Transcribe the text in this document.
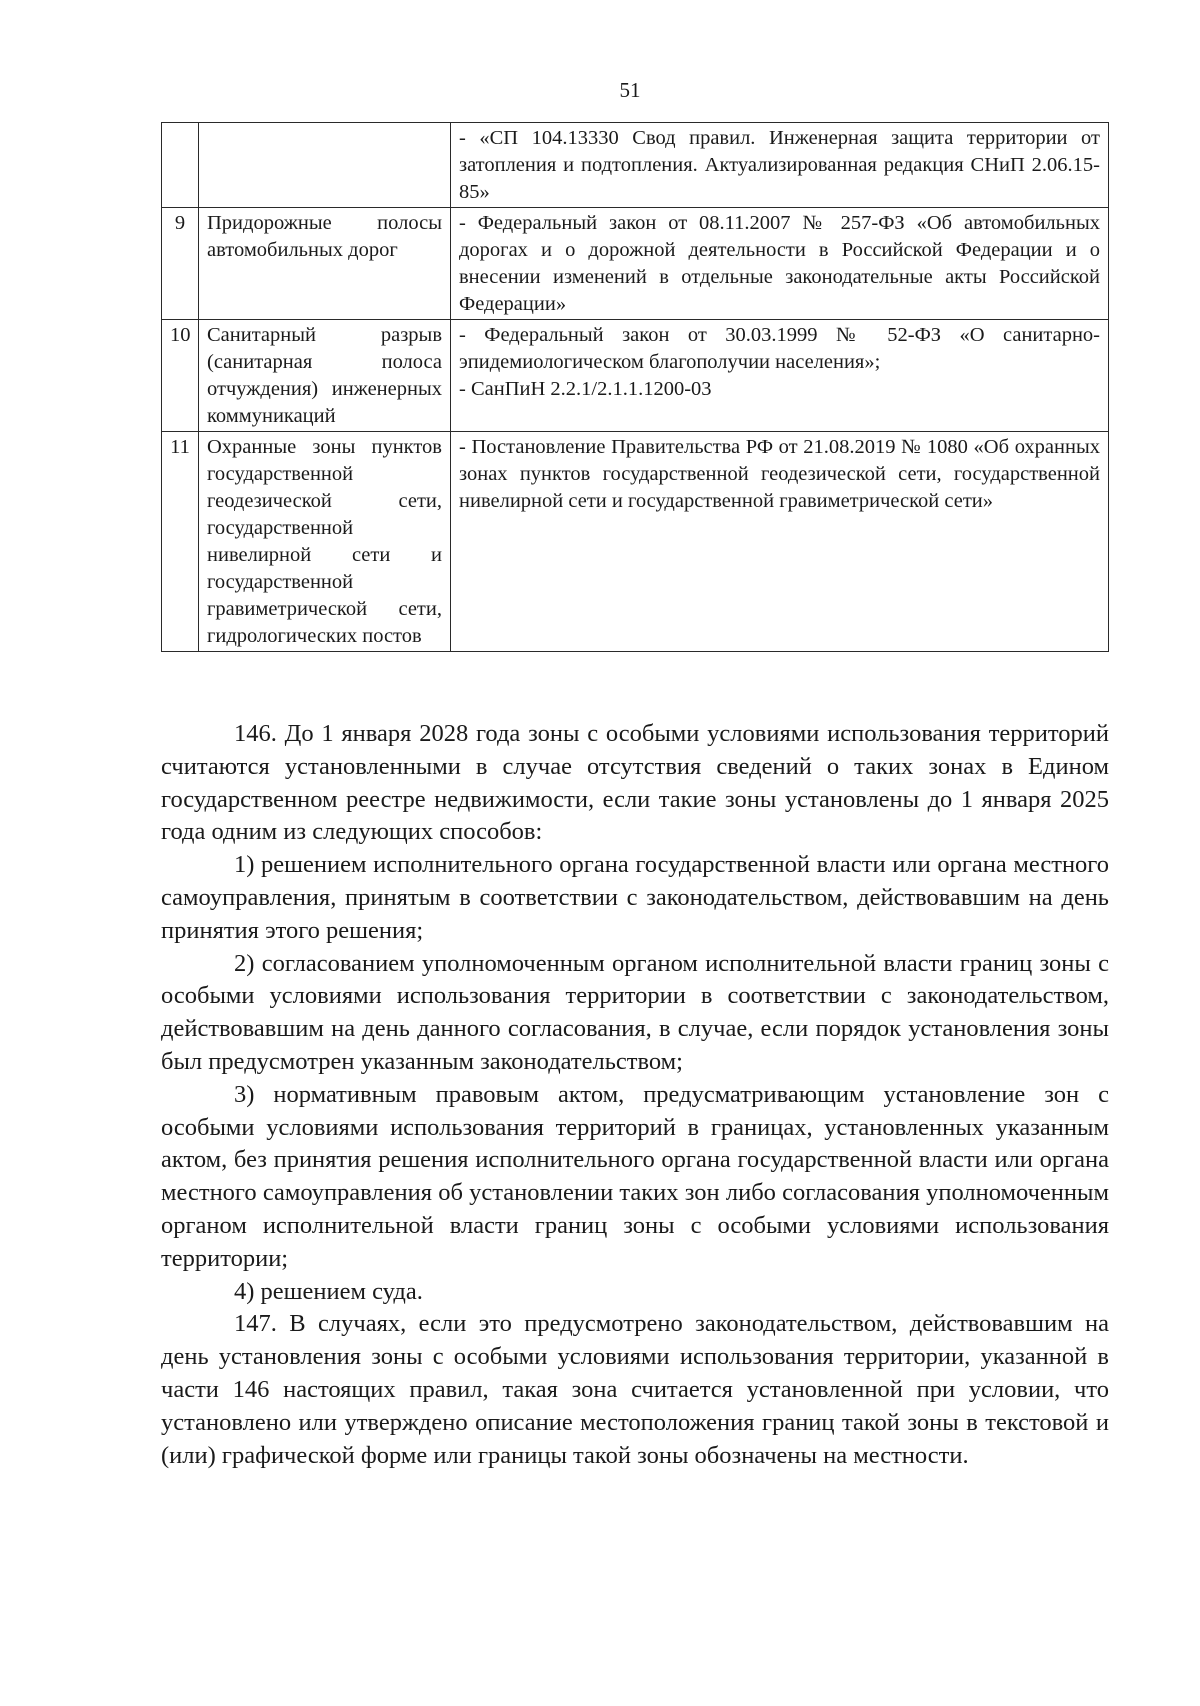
51
		- «СП 104.13330 Свод правил. Инженерная защита территории от затопления и подтопления. Актуализированная редакция СНиП 2.06.15-85»
9	Придорожные полосы автомобильных дорог	- Федеральный закон от 08.11.2007 № 257-ФЗ «Об автомобильных дорогах и о дорожной деятельности в Российской Федерации и о внесении изменений в отдельные законодательные акты Российской Федерации»
10	Санитарный разрыв (санитарная полоса отчуждения) инженерных коммуникаций	- Федеральный закон от 30.03.1999 № 52-ФЗ «О санитарно-эпидемиологическом благополучии населения»;
- СанПиН 2.2.1/2.1.1.1200-03

11	Охранные зоны пунктов государственной геодезической сети, государственной нивелирной сети и государственной гравиметрической сети, гидрологических постов	- Постановление Правительства РФ от 21.08.2019 № 1080 «Об охранных зонах пунктов государственной геодезической сети, государственной нивелирной сети и государственной гравиметрической сети»

146. До 1 января 2028 года зоны с особыми условиями использования территорий считаются установленными в случае отсутствия сведений о таких зонах в Едином государственном реестре недвижимости, если такие зоны установлены до 1 января 2025 года одним из следующих способов:

1) решением исполнительного органа государственной власти или органа местного самоуправления, принятым в соответствии с законодательством, действовавшим на день принятия этого решения;

2) согласованием уполномоченным органом исполнительной власти границ зоны с особыми условиями использования территории в соответствии с законодательством, действовавшим на день данного согласования, в случае, если порядок установления зоны был предусмотрен указанным законодательством;

3) нормативным правовым актом, предусматривающим установление зон с особыми условиями использования территорий в границах, установленных указанным актом, без принятия решения исполнительного органа государственной власти или органа местного самоуправления об установлении таких зон либо согласования уполномоченным органом исполнительной власти границ зоны с особыми условиями использования территории;

4) решением суда.

147. В случаях, если это предусмотрено законодательством, действовавшим на день установления зоны с особыми условиями использования территории, указанной в части 146 настоящих правил, такая зона считается установленной при условии, что установлено или утверждено описание местоположения границ такой зоны в текстовой и (или) графической форме или границы такой зоны обозначены на местности.
